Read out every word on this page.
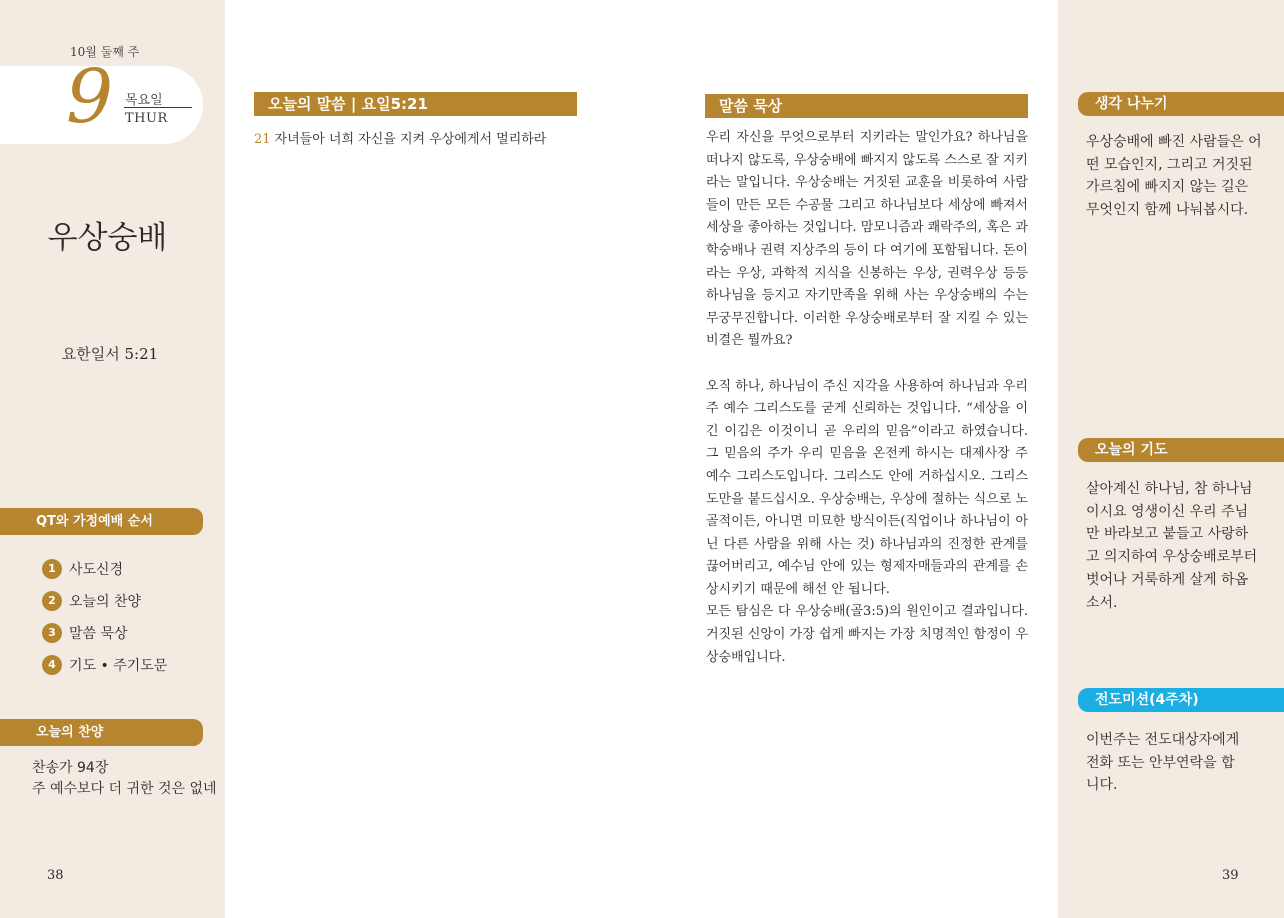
10월 둘째 주
9 목요일
THUR
우상숭배
요한일서 5:21
QT와 가정예배 순서
1 사도신경
2 오늘의 찬양
3 말씀 묵상
4 기도 • 주기도문
오늘의 찬양
찬송가 94장
주 예수보다 더 귀한 것은 없네
38
오늘의 말씀 | 요일5:21
21 자녀들아 너희 자신을 지켜 우상에게서 멀리하라
말씀 묵상

우리 자신을 무엇으로부터 지키라는 말인가요? 하나님을 떠나지 않도록, 우상숭배에 빠지지 않도록 스스로 잘 지키라는 말입니다. 우상숭배는 거짓된 교훈을 비롯하여 사람들이 만든 모든 수공물 그리고 하나님보다 세상에 빠져서 세상을 좋아하는 것입니다. 맘모니즘과 쾌락주의, 혹은 과학숭배나 권력 지상주의 등이 다 여기에 포함됩니다. 돈이라는 우상, 과학적 지식을 신봉하는 우상, 권력우상 등등 하나님을 등지고 자기만족을 위해 사는 우상숭배의 수는 무궁무진합니다. 이러한 우상숭배로부터 잘 지킬 수 있는 비결은 뭘까요?

오직 하나, 하나님이 주신 지각을 사용하여 하나님과 우리 주 예수 그리스도를 굳게 신뢰하는 것입니다. “세상을 이긴 이김은 이것이니 곧 우리의 믿음”이라고 하였습니다. 그 믿음의 주가 우리 믿음을 온전케 하시는 대제사장 주 예수 그리스도입니다. 그리스도 안에 거하십시오. 그리스도만을 붙드십시오. 우상숭배는, 우상에 절하는 식으로 노골적이든, 아니면 미묘한 방식이든(직업이나 하나님이 아닌 다른 사람을 위해 사는 것) 하나님과의 진정한 관계를 끊어버리고, 예수님 안에 있는 형제자매들과의 관계를 손상시키기 때문에 해선 안 됩니다.

모든 탐심은 다 우상숭배(골3:5)의 원인이고 결과입니다. 거짓된 신앙이 가장 쉽게 빠지는 가장 치명적인 함정이 우상숭배입니다.

생각 나누기
우상숭배에 빠진 사람들은 어떤 모습인지, 그리고 거짓된 가르침에 빠지지 않는 길은 무엇인지 함께 나눠봅시다.
오늘의 기도
살아계신 하나님, 참 하나님이시요 영생이신 우리 주님만 바라보고 붙들고 사랑하고 의지하여 우상숭배로부터 벗어나 거룩하게 살게 하옵소서.
전도미션(4주차)
이번주는 전도대상자에게 전화 또는 안부연락을 합니다.
39
